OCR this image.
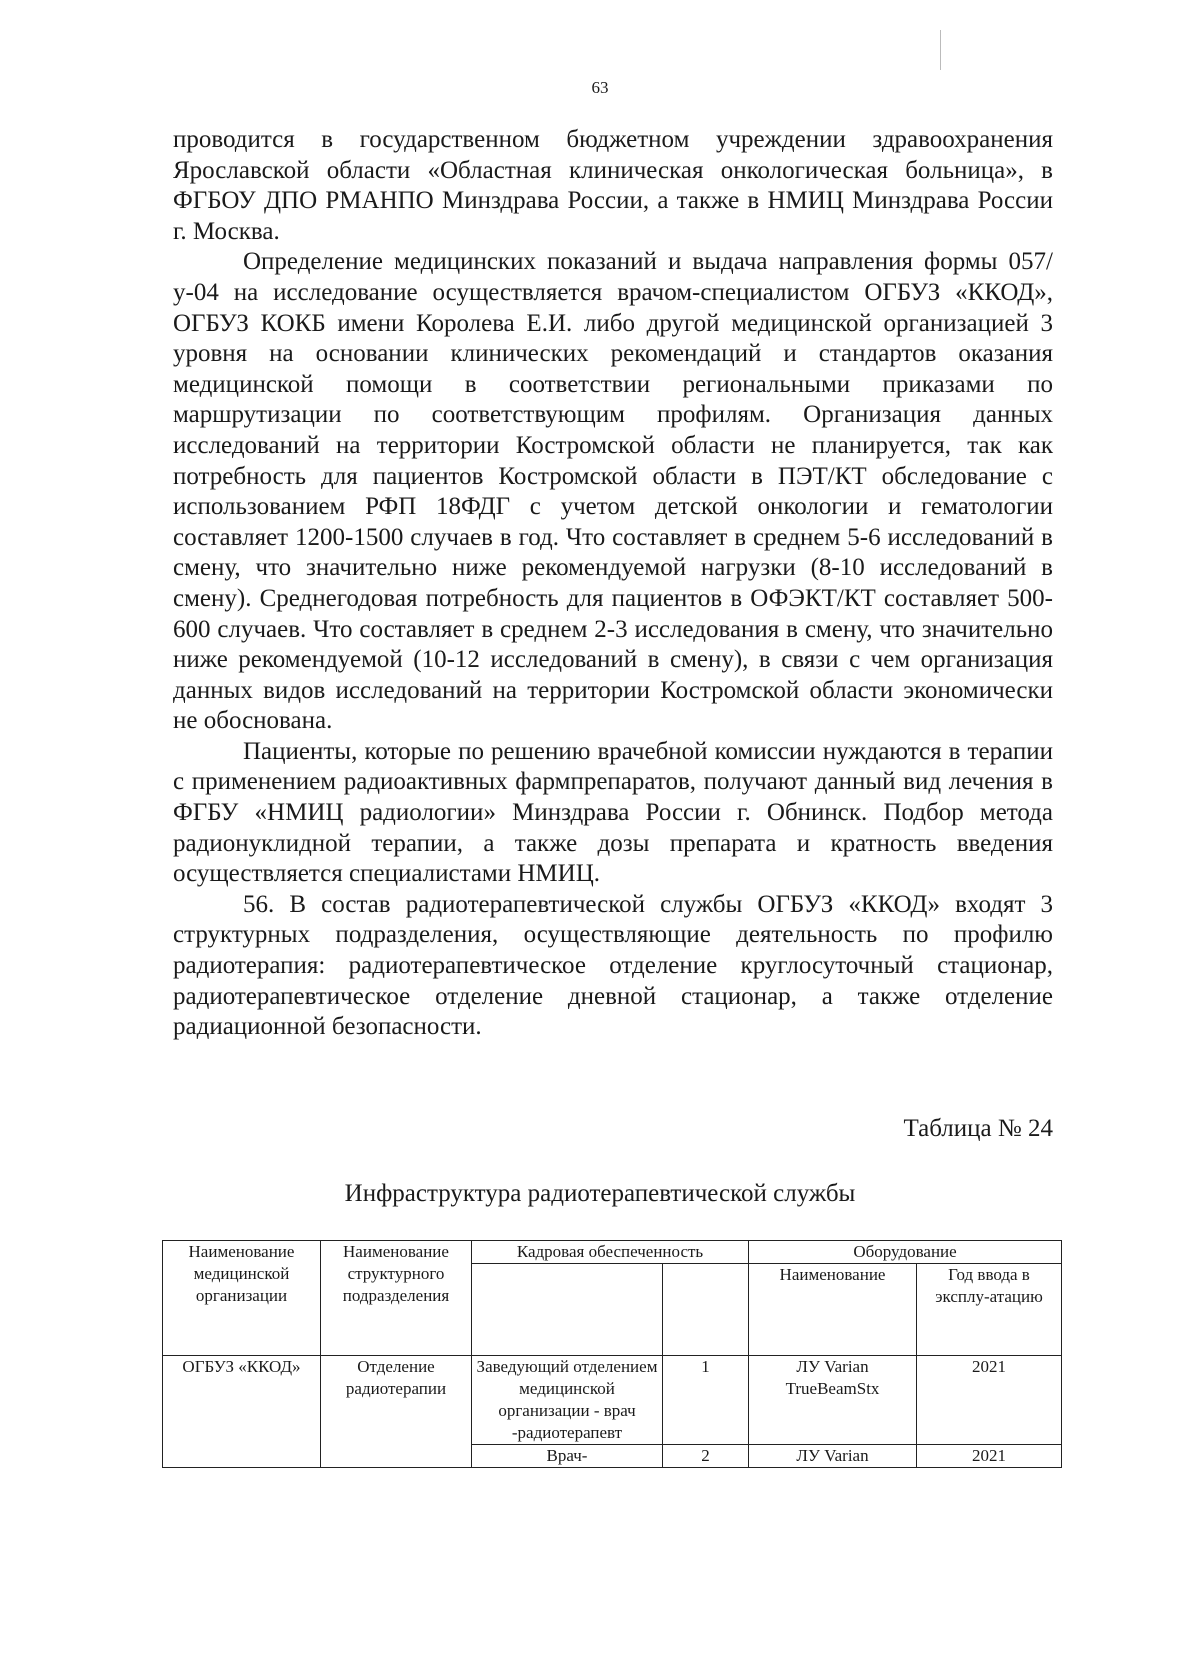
63

проводится в государственном бюджетном учреждении здравоохранения Ярославской области «Областная клиническая онкологическая больница», в ФГБОУ ДПО РМАНПО Минздрава России, а также в НМИЦ Минздрава России г. Москва.

Определение медицинских показаний и выдача направления формы 057/у-04 на исследование осуществляется врачом-специалистом ОГБУЗ «ККОД», ОГБУЗ КОКБ имени Королева Е.И. либо другой медицинской организацией 3 уровня на основании клинических рекомендаций и стандартов оказания медицинской помощи в соответствии региональными приказами по маршрутизации по соответствующим профилям. Организация данных исследований на территории Костромской области не планируется, так как потребность для пациентов Костромской области в ПЭТ/КТ обследование с использованием РФП 18ФДГ с учетом детской онкологии и гематологии составляет 1200-1500 случаев в год. Что составляет в среднем 5-6 исследований в смену, что значительно ниже рекомендуемой нагрузки (8-10 исследований в смену). Среднегодовая потребность для пациентов в ОФЭКТ/КТ составляет 500-600 случаев. Что составляет в среднем 2-3 исследования в смену, что значительно ниже рекомендуемой (10-12 исследований в смену), в связи с чем организация данных видов исследований на территории Костромской области экономически не обоснована.

Пациенты, которые по решению врачебной комиссии нуждаются в терапии с применением радиоактивных фармпрепаратов, получают данный вид лечения в ФГБУ «НМИЦ радиологии» Минздрава России г. Обнинск. Подбор метода радионуклидной терапии, а также дозы препарата и кратность введения осуществляется специалистами НМИЦ.

56. В состав радиотерапевтической службы ОГБУЗ «ККОД» входят 3 структурных подразделения, осуществляющие деятельность по профилю радиотерапия: радиотерапевтическое отделение круглосуточный стационар, радиотерапевтическое отделение дневной стационар, а также отделение радиационной безопасности.

Таблица № 24
Инфраструктура радиотерапевтической службы
Наименование медицинской организации	Наименование структурного подразделения	Кадровая обеспеченность		Оборудование	
				Наименование	Год ввода в эксплу-атацию
ОГБУЗ «ККОД»	Отделение радиотерапии	Заведующий отделением медицинской организации - врач -радиотерапевт	1	ЛУ Varian TrueBeamStx	2021
		Врач-	2	ЛУ Varian	2021
